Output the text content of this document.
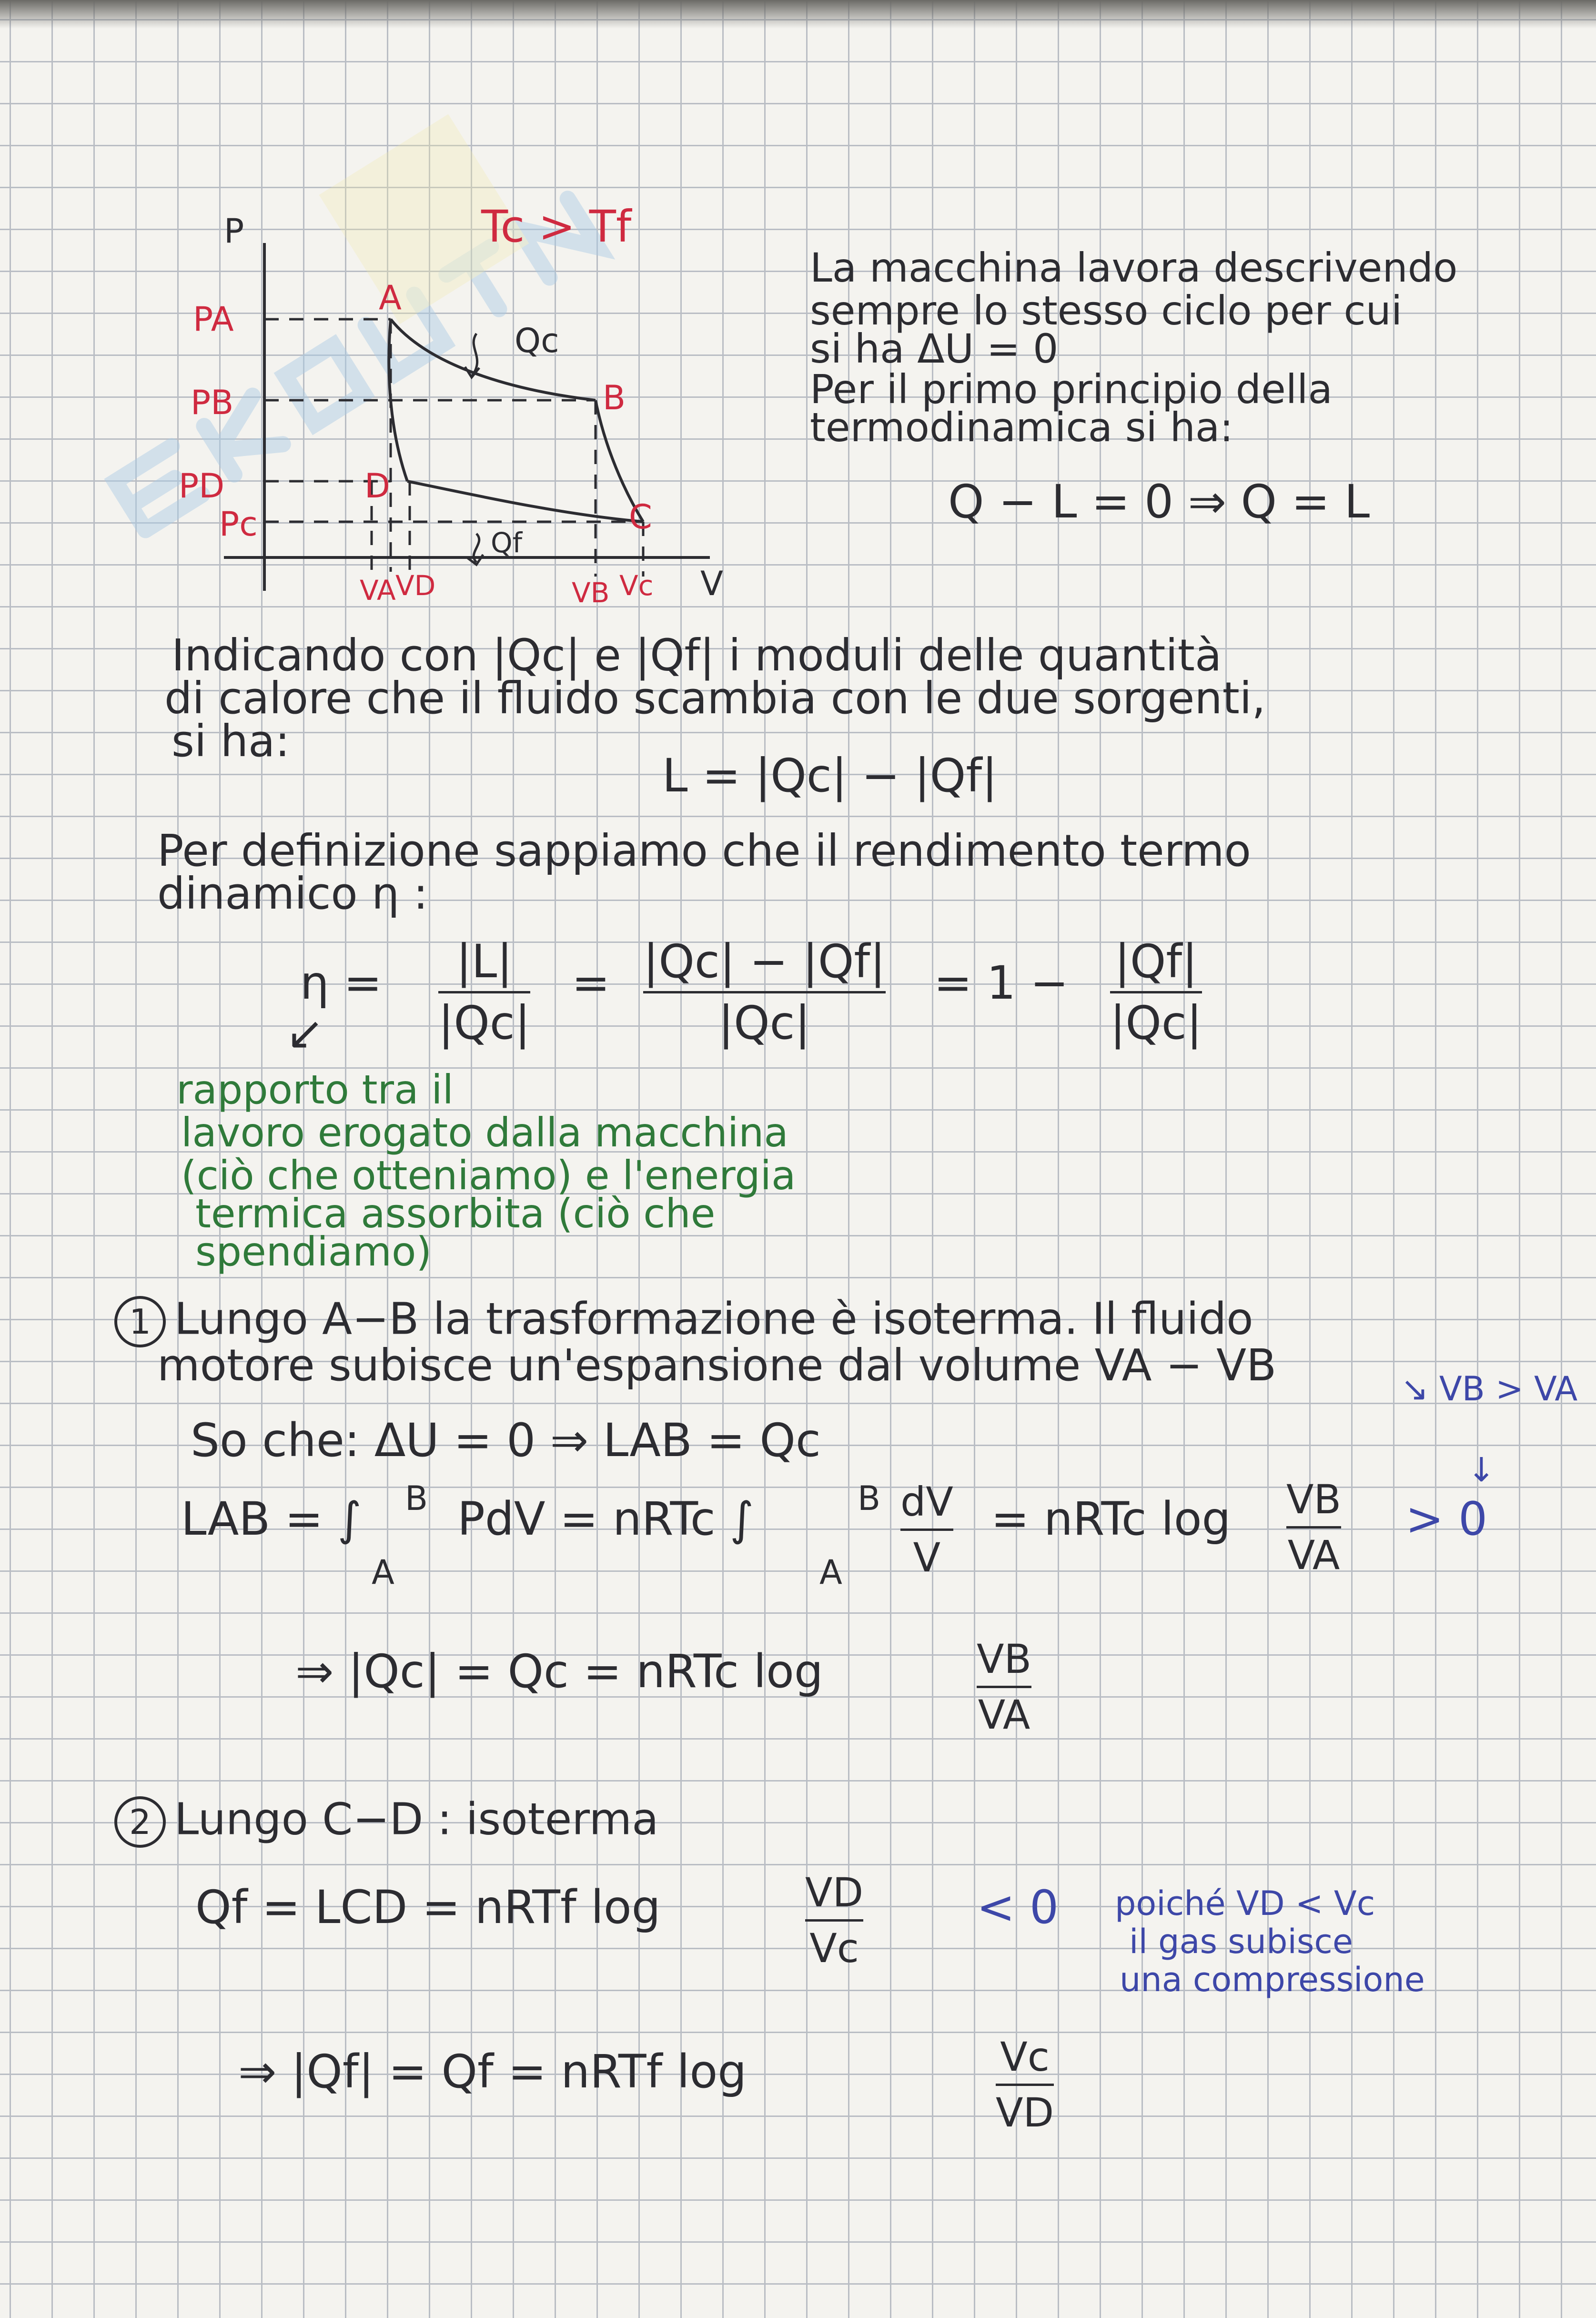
Tc > Tf
P
V
A
B
C
D
PA
PB
PD
Pc
VA VD	VB Vc
Qc
Qf
La macchina lavora descrivendo
sempre lo stesso ciclo per cui
si ha ΔU = 0
Per il primo principio della
termodinamica si ha:
Q − L = 0 ⇒ Q = L
Indicando con |Qc| e |Qf| i moduli delle quantità
di calore che il fluido scambia con le due sorgenti,
si ha:
L = |Qc| − |Qf|
Per definizione sappiamo che il rendimento termo
dinamico η :
η = |L|
|Qc|
= |Qc| − |Qf|
|Qc|
= 1 − |Qf|
|Qc|
↙
rapporto tra il
lavoro erogato dalla macchina
(ciò che otteniamo) e l'energia
termica assorbita (ciò che
spendiamo)
1 Lungo A−B la trasformazione è isoterma. Il fluido
motore subisce un'espansione dal volume VA − VB	↘ VB > VA
↓
So che: ΔU = 0 ⇒ LAB = Qc
LAB = ∫ B
A
PdV = nRTc ∫	B
A
dV
V
= nRTc log VB
VA
> 0
⇒ |Qc| = Qc = nRTc log	VB
VA
2 Lungo C−D : isoterma
Qf = LCD = nRTf log	VD
Vc
< 0 poiché VD < Vc
il gas subisce
una compressione
⇒ |Qf| = Qf = nRTf log	Vc
VD
